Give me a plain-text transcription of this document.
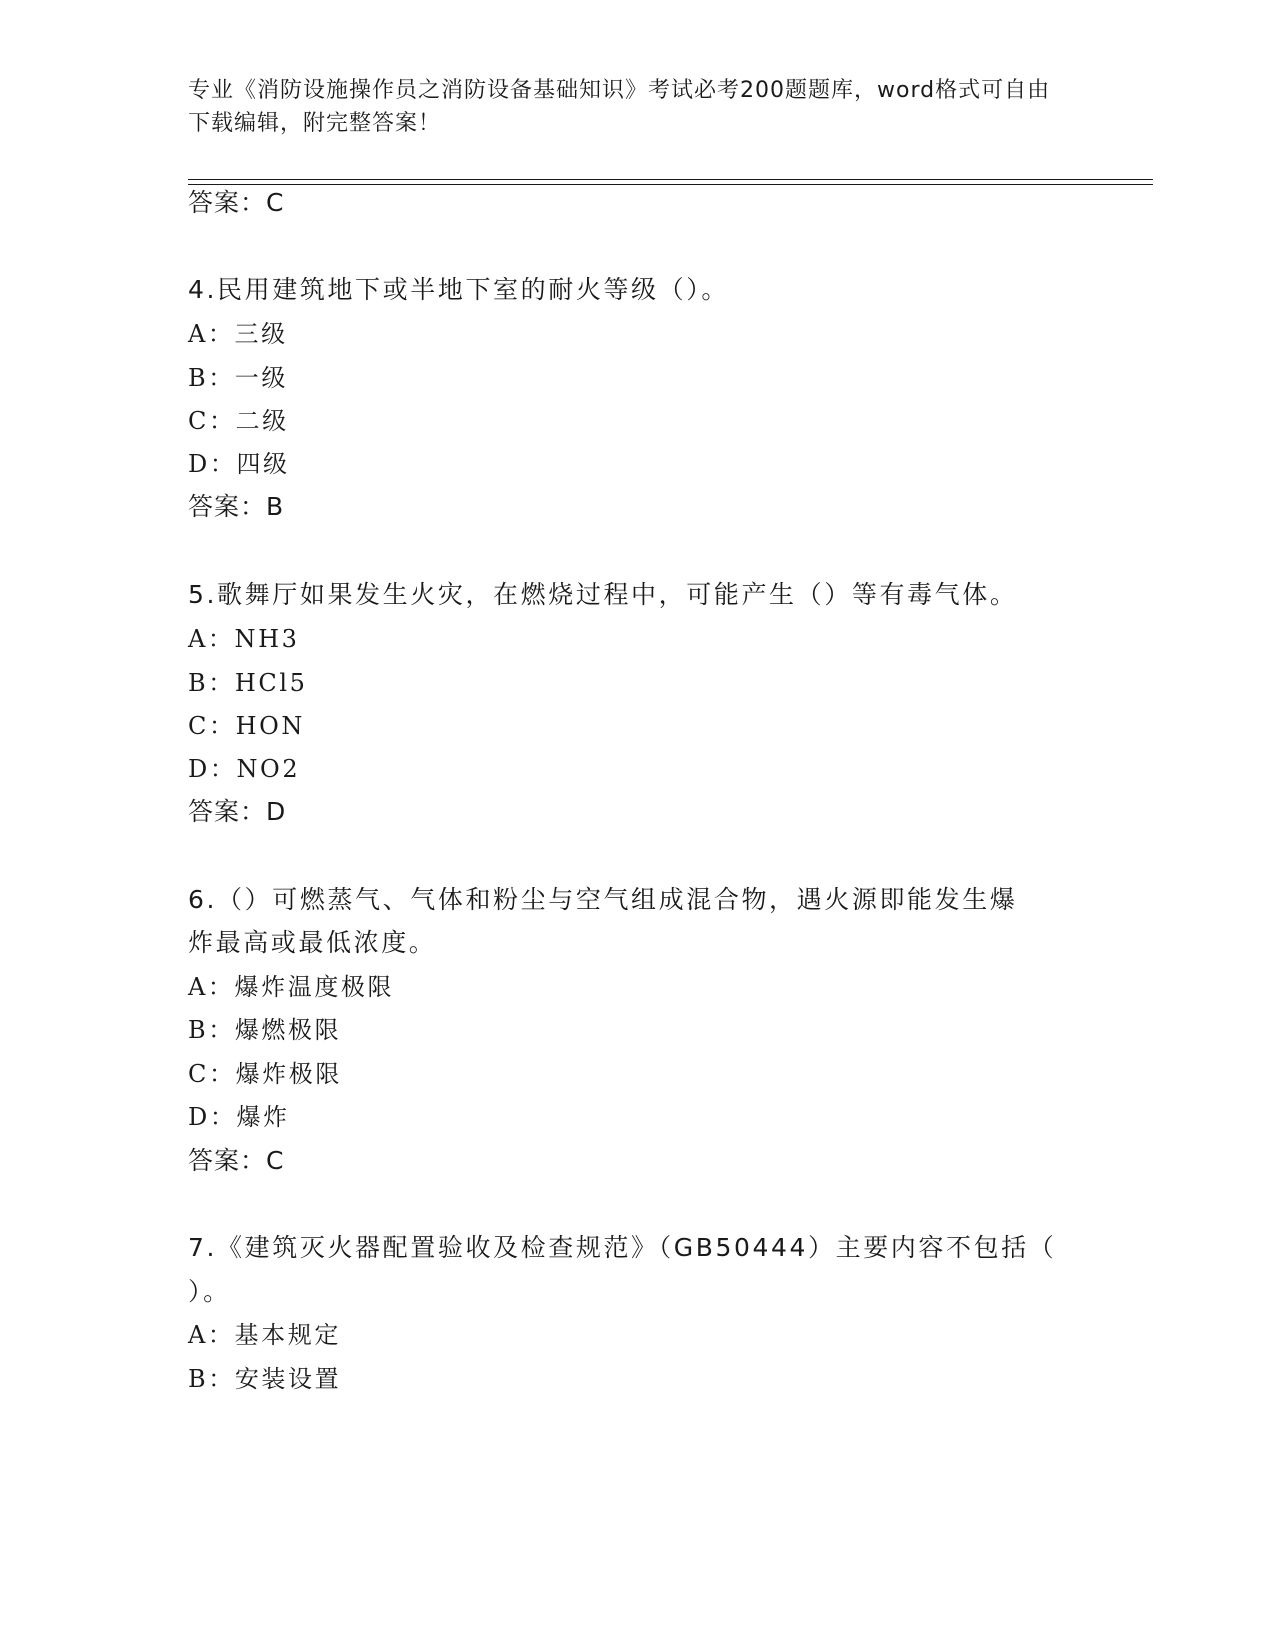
专业《消防设施操作员之消防设备基础知识》考试必考200题题库，word格式可自由下载编辑，附完整答案！
答案：C
4.民用建筑地下或半地下室的耐火等级（）。
A：三级
B：一级
C：二级
D：四级
答案：B
5.歌舞厅如果发生火灾，在燃烧过程中，可能产生（）等有毒气体。
A：NH3
B：HCl5
C：HON
D：NO2
答案：D
6.（）可燃蒸气、气体和粉尘与空气组成混合物，遇火源即能发生爆
炸最高或最低浓度。
A：爆炸温度极限
B：爆燃极限
C：爆炸极限
D：爆炸
答案：C
7.《建筑灭火器配置验收及检查规范》（GB50444）主要内容不包括（
）。
A：基本规定
B：安装设置
